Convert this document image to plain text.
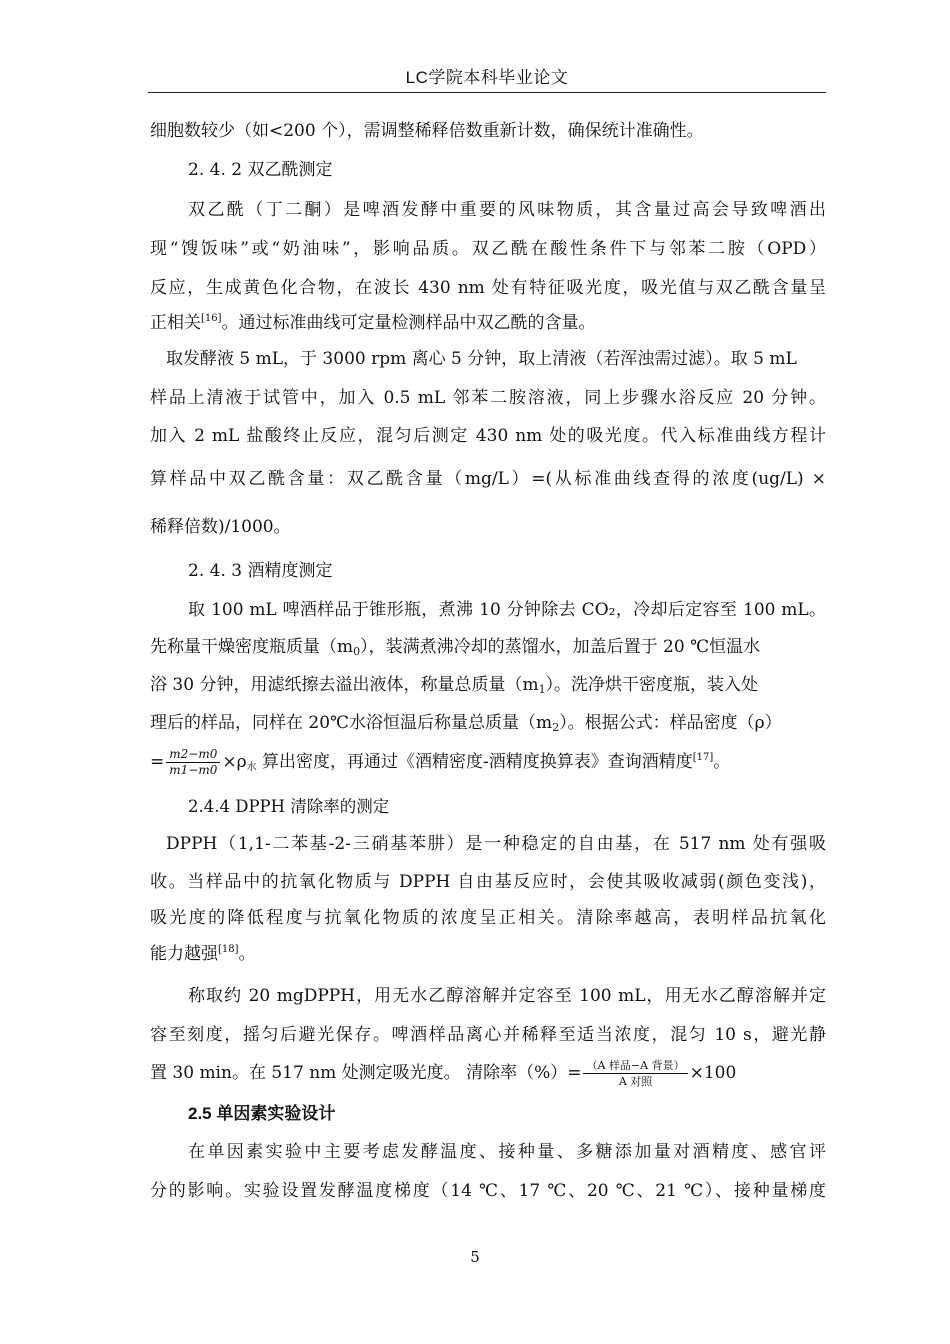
LC学院本科毕业论文
细胞数较少（如<200 个），需调整稀释倍数重新计数，确保统计准确性。
2. 4. 2 双乙酰测定
双乙酰（丁二酮）是啤酒发酵中重要的风味物质，其含量过高会导致啤酒出
现“馊饭味”或“奶油味”，影响品质。双乙酰在酸性条件下与邻苯二胺（OPD）
反应，生成黄色化合物，在波长 430 nm 处有特征吸光度，吸光值与双乙酰含量呈
正相关[16]。通过标准曲线可定量检测样品中双乙酰的含量。
取发酵液 5 mL，于 3000 rpm 离心 5 分钟，取上清液（若浑浊需过滤）。取 5 mL
样品上清液于试管中，加入 0.5 mL 邻苯二胺溶液，同上步骤水浴反应 20 分钟。
加入 2 mL 盐酸终止反应，混匀后测定 430 nm 处的吸光度。代入标准曲线方程计
算样品中双乙酰含量：双乙酰含量（mg/L）=(从标准曲线查得的浓度(ug/L) ×
稀释倍数)/1000。
2. 4. 3 酒精度测定
取 100 mL 啤酒样品于锥形瓶，煮沸 10 分钟除去 CO₂，冷却后定容至 100 mL。
先称量干燥密度瓶质量$(m_0)$，装满煮沸冷却的蒸馏水，加盖后置于 20 ℃恒温水
浴 30 分钟，用滤纸擦去溢出液体，称量总质量$(m_1)$。洗净烘干密度瓶，装入处
理后的样品，同样在 20℃水浴恒温后称量总质量$(m_2)$。根据公式：样品密度（ρ）
= $\frac{m2-m0}{m1-m0} \times\rho_水$ 算出密度，再通过《酒精密度-酒精度换算表》查询酒精度[17]。
2.4.4 DPPH 清除率的测定
DPPH（1,1-二苯基-2-三硝基苯肼）是一种稳定的自由基，在 517 nm 处有强吸
收。当样品中的抗氧化物质与 DPPH 自由基反应时，会使其吸收减弱(颜色变浅)，
吸光度的降低程度与抗氧化物质的浓度呈正相关。清除率越高，表明样品抗氧化
能力越强[18]。
称取约 20 mgDPPH，用无水乙醇溶解并定容至 100 mL，用无水乙醇溶解并定
容至刻度，摇匀后避光保存。啤酒样品离心并稀释至适当浓度，混匀 10 s，避光静
置 30 min。在 517 nm 处测定吸光度。 清除率（%）= $\frac{\text{（A 样品−A 背景）}}{\text{A 对照}} \times 100$
2.5 单因素实验设计
在单因素实验中主要考虑发酵温度、接种量、多糖添加量对酒精度、感官评
分的影响。实验设置发酵温度梯度（14 ℃、17 ℃、20 ℃、21 ℃）、接种量梯度
5
